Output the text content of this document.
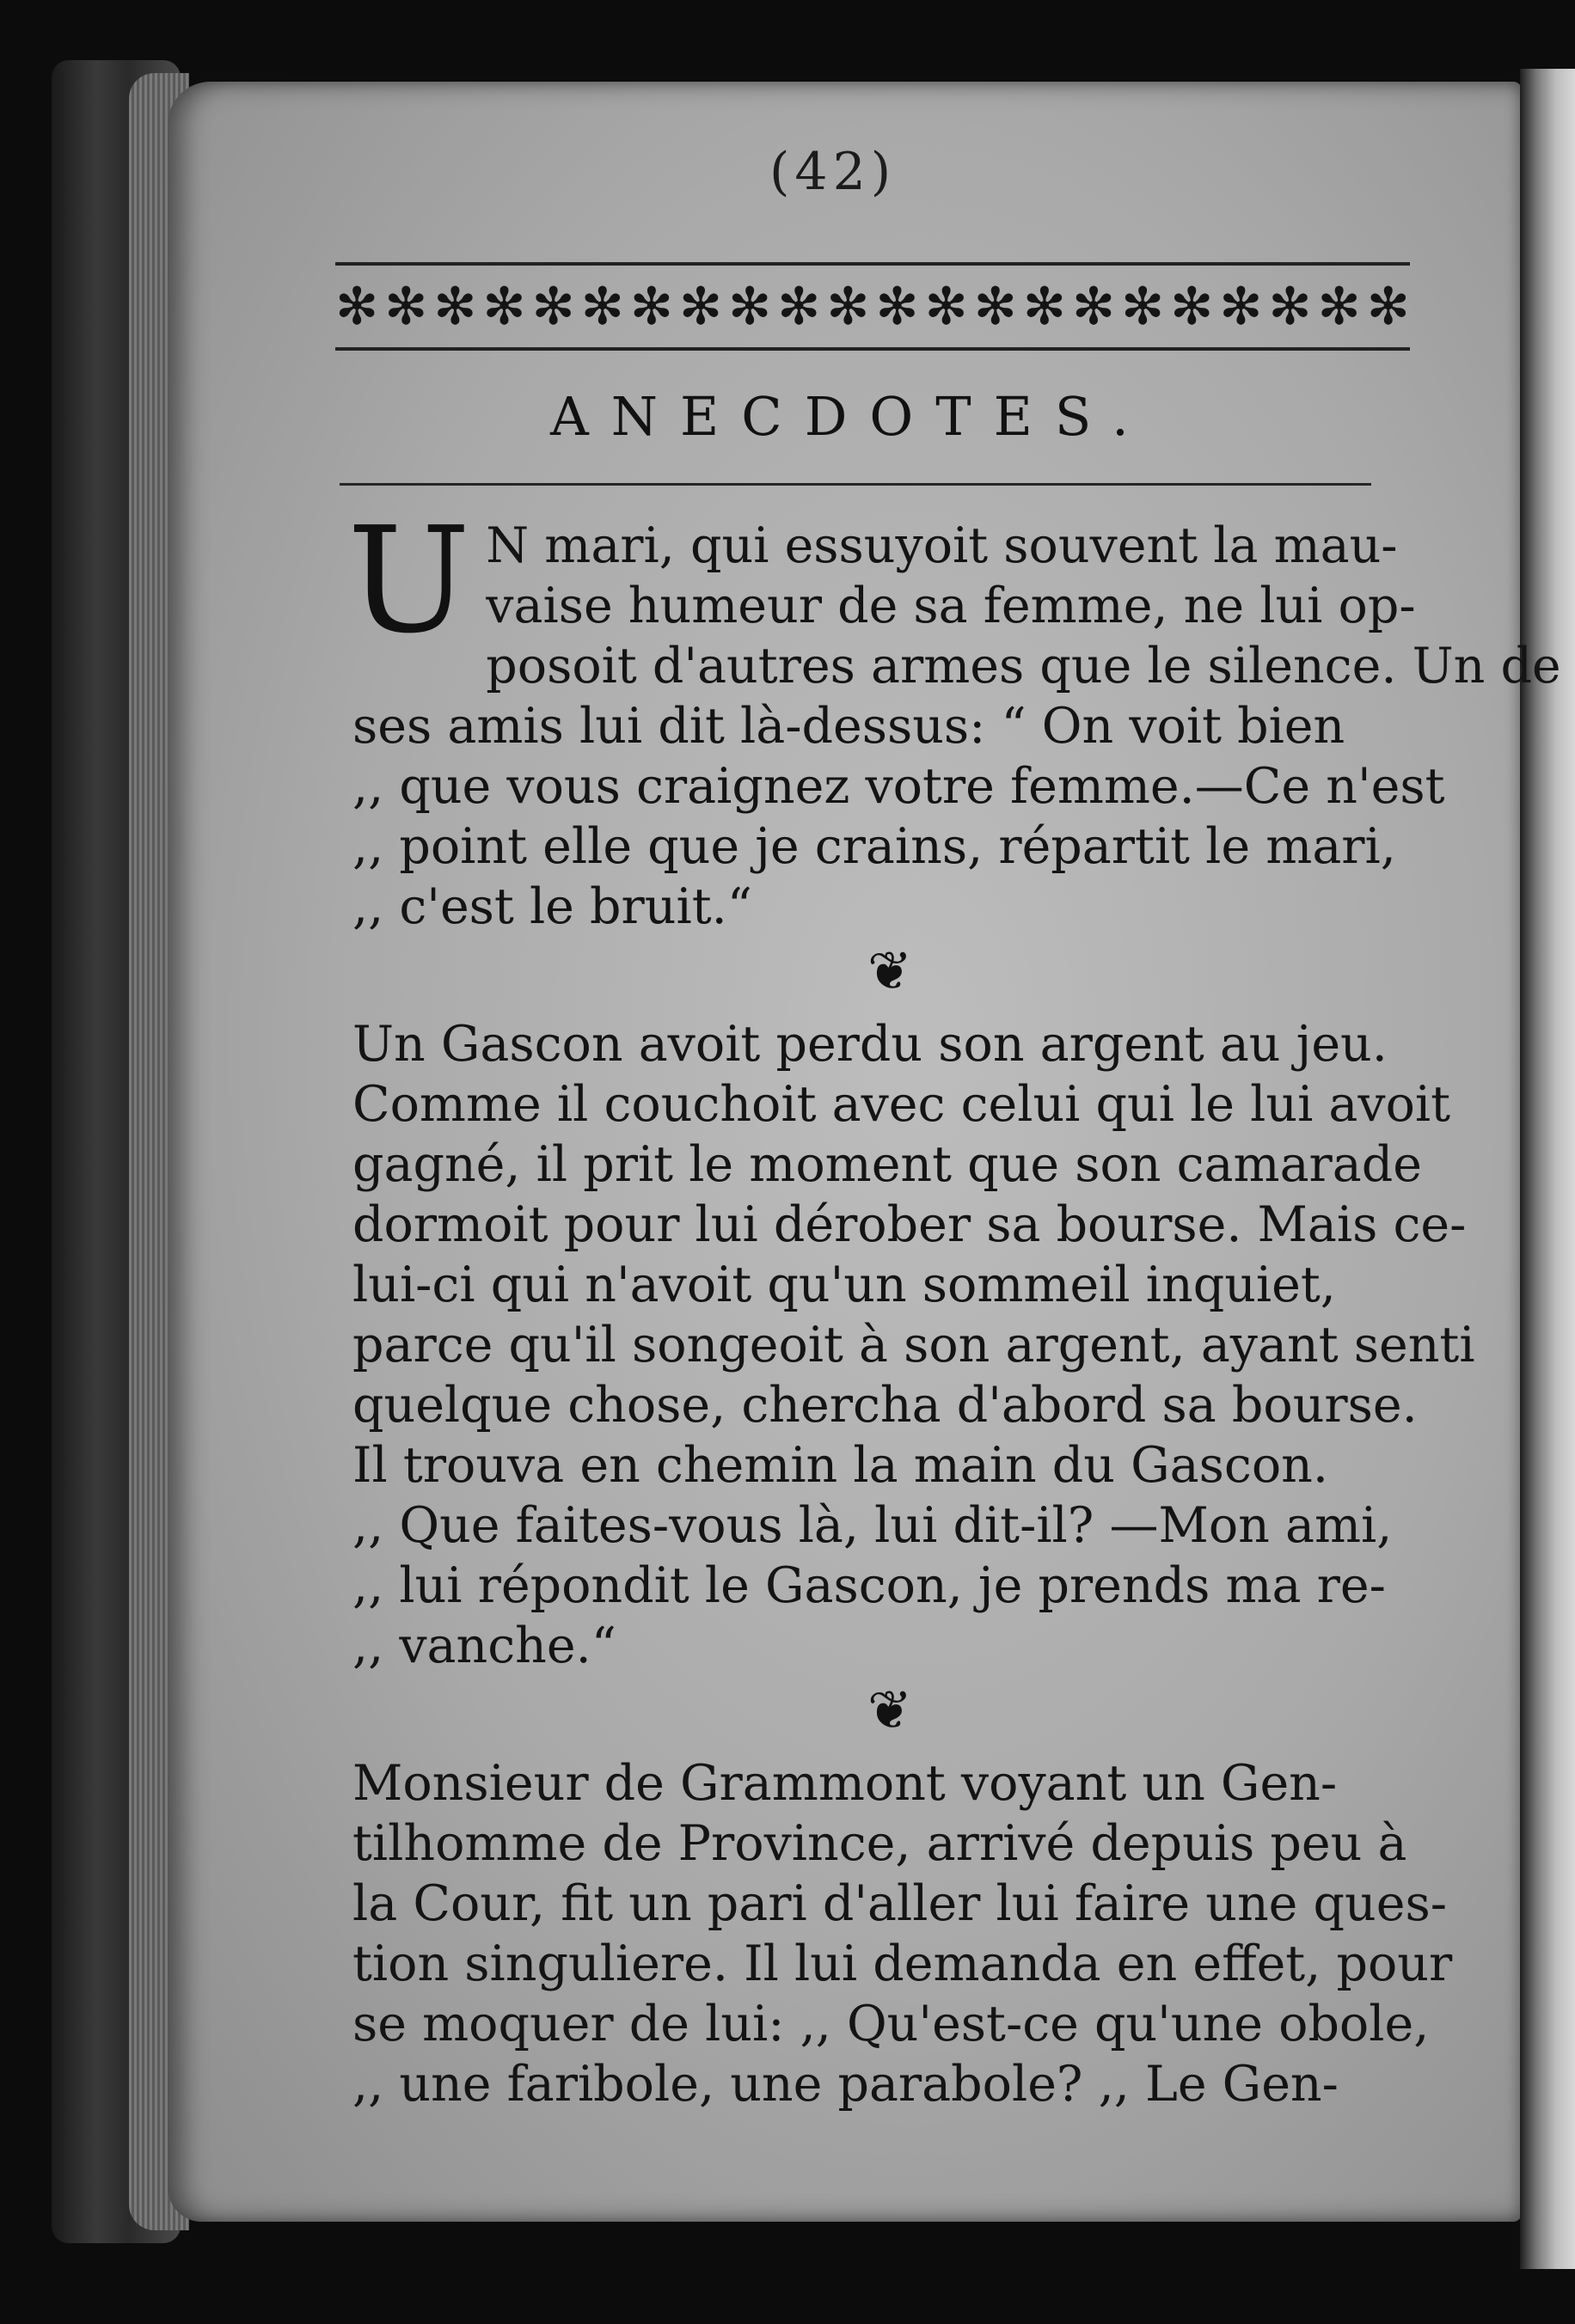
(42)
✻ ✻ ✻ ✻ ✻ ✻ ✻ ✻ ✻ ✻ ✻ ✻ ✻ ✻ ✻ ✻ ✻ ✻ ✻ ✻ ✻ ✻
ANECDOTES.
U N mari, qui essuyoit souvent la mau-
vaise humeur de sa femme, ne lui op-
posoit d'autres armes que le silence. Un de
ses amis lui dit là-dessus: “ On voit bien
,, que vous craignez votre femme.—Ce n'est
,, point elle que je crains, répartit le mari,
,, c'est le bruit.“
❦
Un Gascon avoit perdu son argent au jeu.
Comme il couchoit avec celui qui le lui avoit
gagné, il prit le moment que son camarade
dormoit pour lui dérober sa bourse. Mais ce-
lui-ci qui n'avoit qu'un sommeil inquiet,
parce qu'il songeoit à son argent, ayant senti
quelque chose, chercha d'abord sa bourse.
Il trouva en chemin la main du Gascon.
,, Que faites-vous là, lui dit-il? —Mon ami,
,, lui répondit le Gascon, je prends ma re-
,, vanche.“
❦
Monsieur de Grammont voyant un Gen-
tilhomme de Province, arrivé depuis peu à
la Cour, fit un pari d'aller lui faire une ques-
tion singuliere. Il lui demanda en effet, pour
se moquer de lui: ,, Qu'est-ce qu'une obole,
,, une faribole, une parabole? ,, Le Gen-
